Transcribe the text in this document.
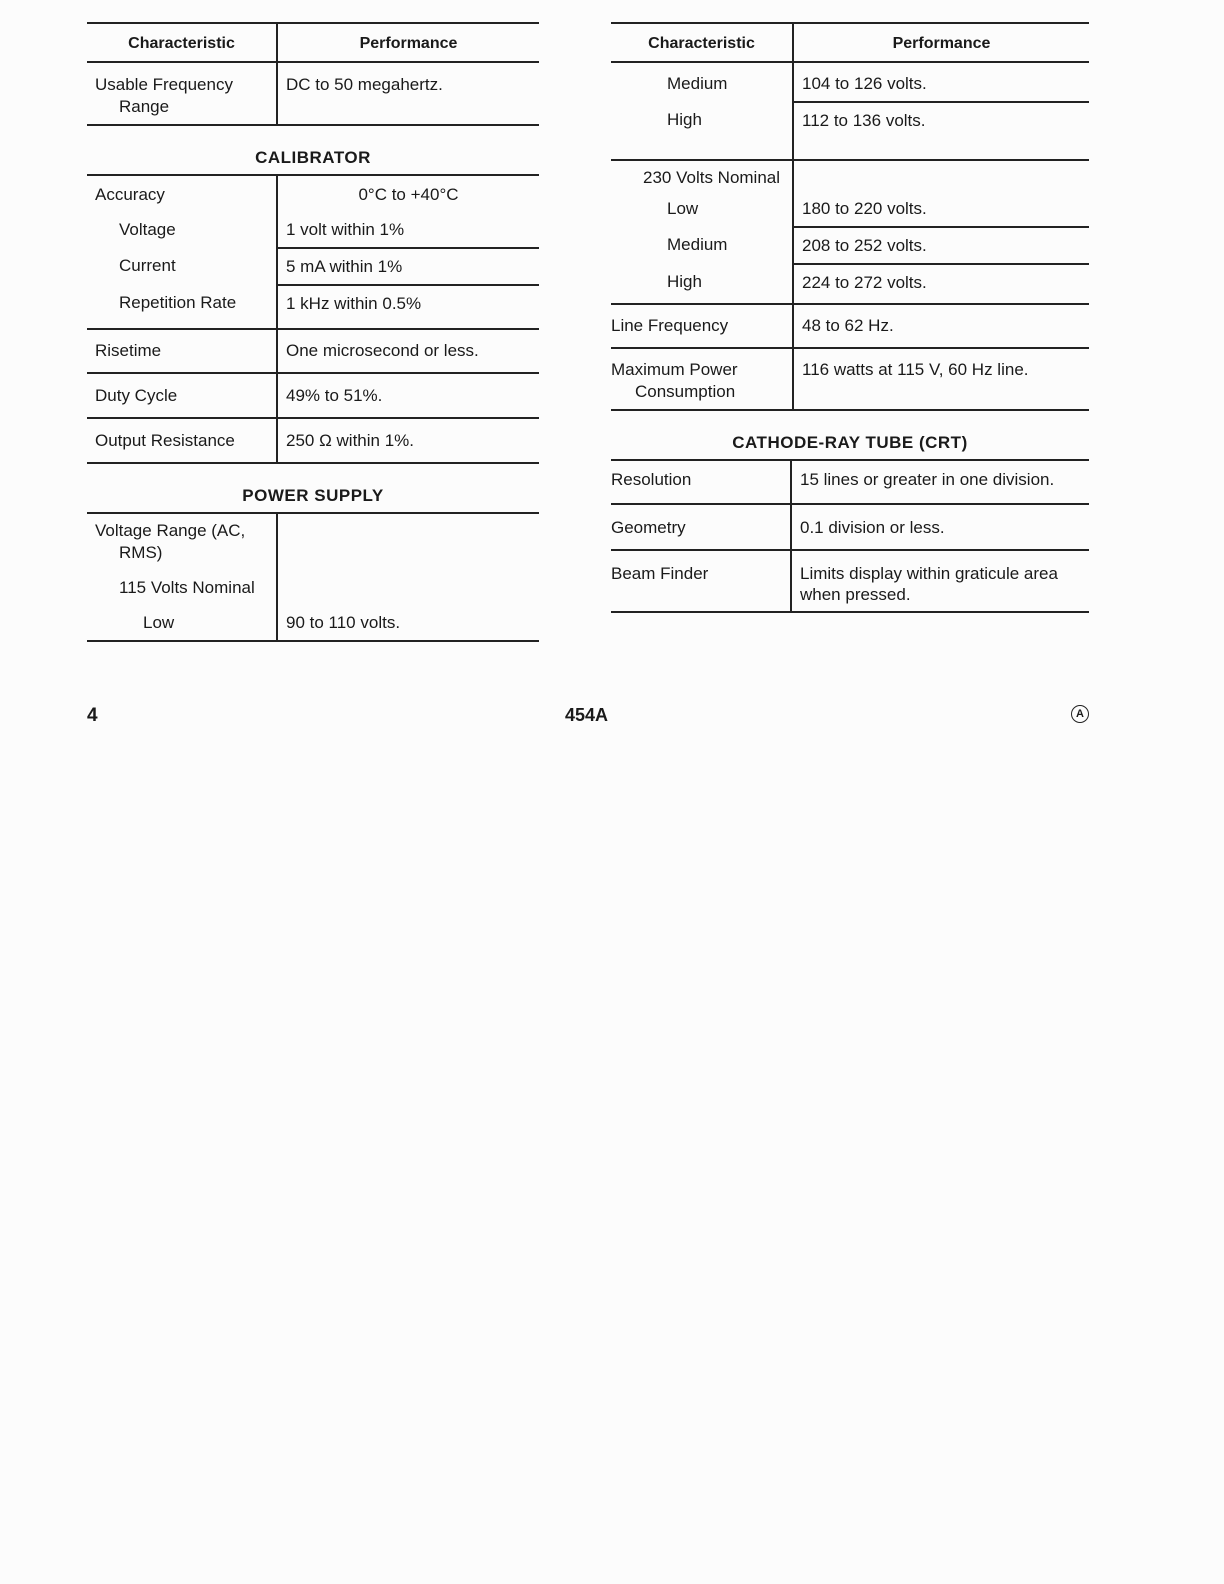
Characteristic	Performance
Usable Frequency

Range	DC to 50 megahertz.
CALIBRATOR
Accuracy	0°C to +40°C

Voltage	1 volt within 1%

Current	5 mA within 1%

Repetition Rate	1 kHz within 0.5%
Risetime	One microsecond or less.
Duty Cycle	49% to 51%.
Output Resistance	250 Ω within 1%.
POWER SUPPLY
Voltage Range (AC,

RMS)	

115 Volts Nominal	

Low	90 to 110 volts.
Characteristic	Performance

Medium	104 to 126 volts.

High	112 to 136 volts.

230 Volts Nominal	

Low	180 to 220 volts.

Medium	208 to 252 volts.

High	224 to 272 volts.
Line Frequency	48 to 62 Hz.
Maximum Power

Consumption	116 watts at 115 V, 60 Hz line.
CATHODE-RAY TUBE (CRT)
Resolution	15 lines or greater in one division.
Geometry	0.1 division or less.
Beam Finder	Limits display within graticule area when pressed.
4	454A	A
